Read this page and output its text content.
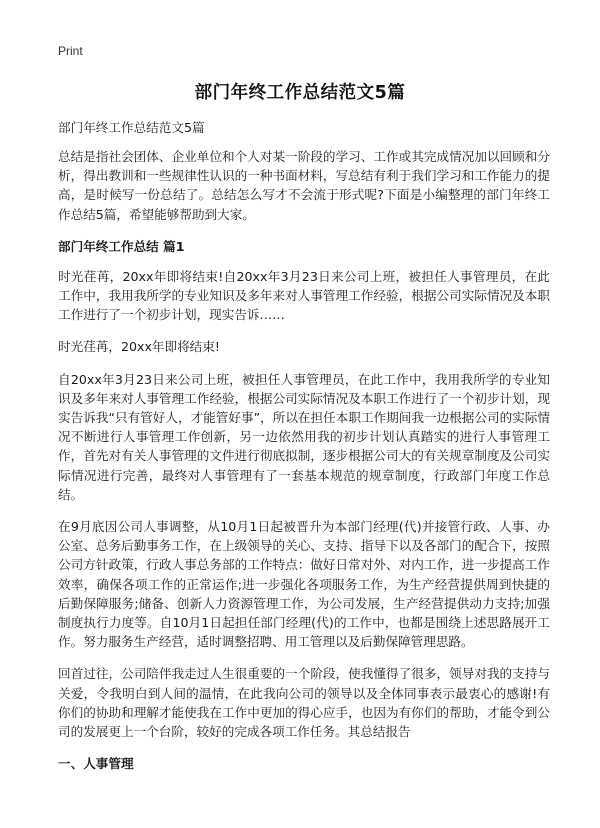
Print

部门年终工作总结范文5篇

部门年终工作总结范文5篇

总结是指社会团体、企业单位和个人对某一阶段的学习、工作或其完成情况加以回顾和分析，得出教训和一些规律性认识的一种书面材料，写总结有利于我们学习和工作能力的提高，是时候写一份总结了。总结怎么写才不会流于形式呢?下面是小编整理的部门年终工作总结5篇，希望能够帮助到大家。

部门年终工作总结 篇1

时光荏苒，20xx年即将结束!自20xx年3月23日来公司上班，被担任人事管理员，在此工作中，我用我所学的专业知识及多年来对人事管理工作经验，根据公司实际情况及本职工作进行了一个初步计划，现实告诉……

时光荏苒，20xx年即将结束!

自20xx年3月23日来公司上班，被担任人事管理员，在此工作中，我用我所学的专业知识及多年来对人事管理工作经验，根据公司实际情况及本职工作进行了一个初步计划，现实告诉我“只有管好人，才能管好事”，所以在担任本职工作期间我一边根据公司的实际情况不断进行人事管理工作创新，另一边依然用我的初步计划认真踏实的进行人事管理工作，首先对有关人事管理的文件进行彻底拟制，逐步根据公司大的有关规章制度及公司实际情况进行完善，最终对人事管理有了一套基本规范的规章制度，行政部门年度工作总结。

在9月底因公司人事调整，从10月1日起被晋升为本部门经理(代)并接管行政、人事、办公室、总务后勤事务工作，在上级领导的关心、支持、指导下以及各部门的配合下，按照公司方针政策，行政人事总务部的工作特点：做好日常对外、对内工作，进一步提高工作效率，确保各项工作的正常运作;进一步强化各项服务工作，为生产经营提供周到快捷的后勤保障服务;储备、创新人力资源管理工作，为公司发展，生产经营提供动力支持;加强制度执行力度等。自10月1日起担任部门经理(代)的工作中，也都是围绕上述思路展开工作。努力服务生产经营，适时调整招聘、用工管理以及后勤保障管理思路。

回首过往，公司陪伴我走过人生很重要的一个阶段，使我懂得了很多，领导对我的支持与关爱，令我明白到人间的温情，在此我向公司的领导以及全体同事表示最衷心的感谢!有你们的协助和理解才能使我在工作中更加的得心应手，也因为有你们的帮助，才能令到公司的发展更上一个台阶，较好的完成各项工作任务。其总结报告

一、人事管理
